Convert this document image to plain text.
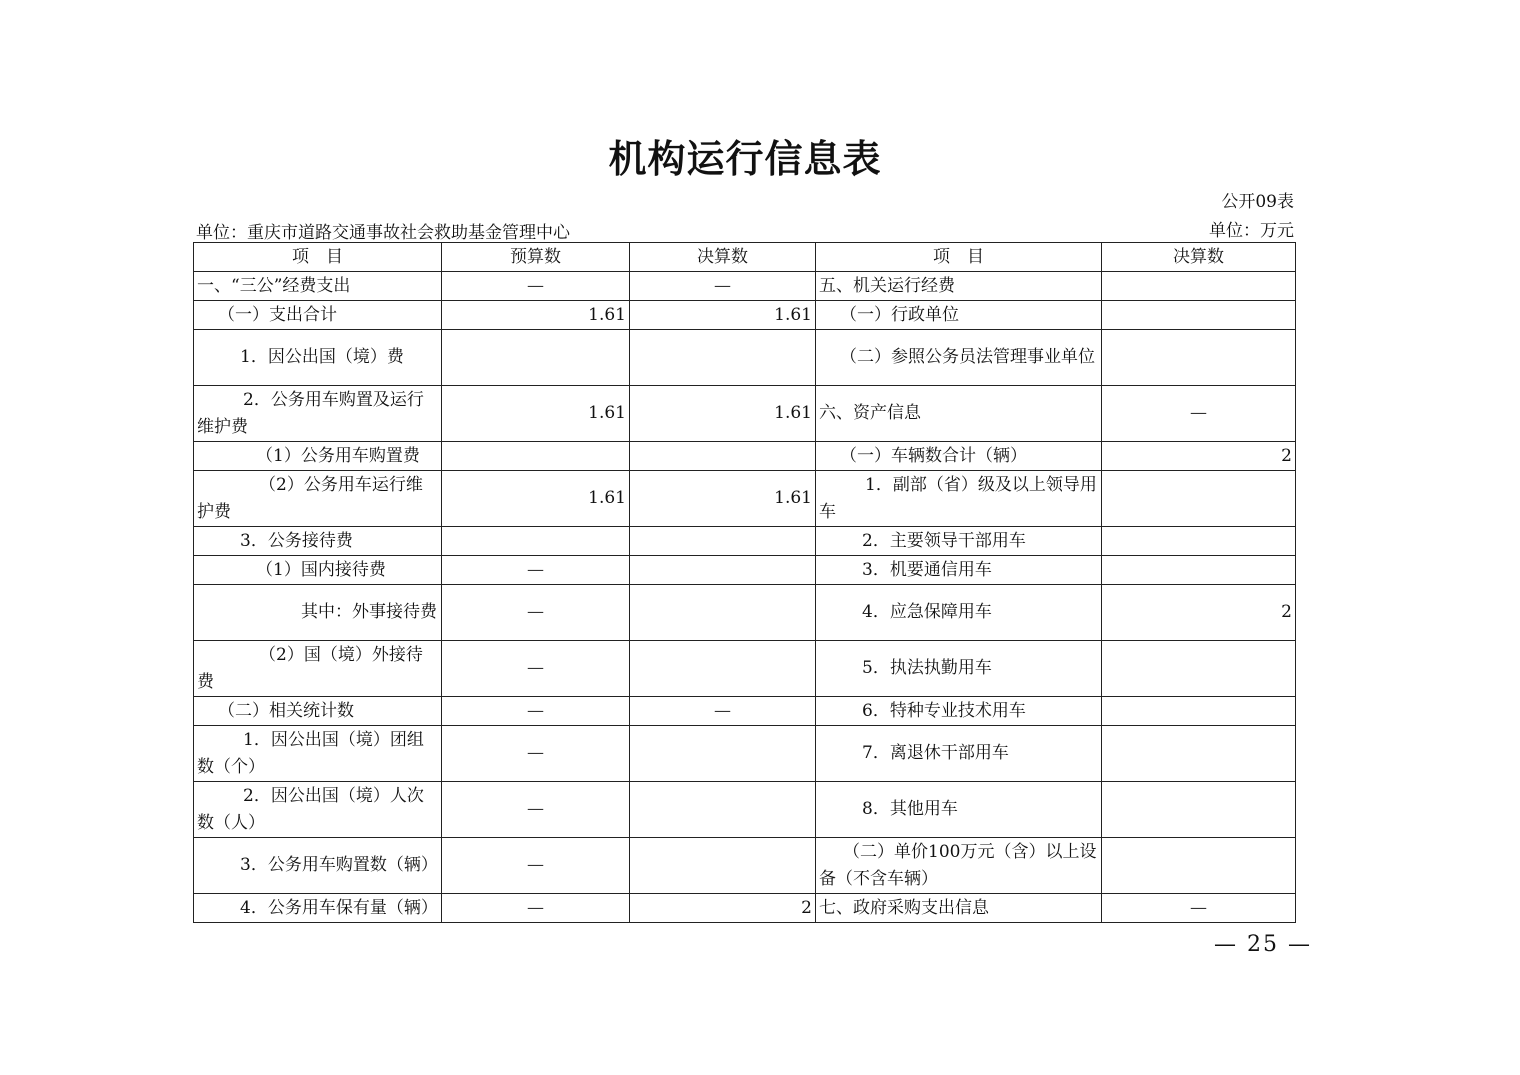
机构运行信息表
公开09表
单位：重庆市道路交通事故社会救助基金管理中心	单位：万元
项　目	预算数	决算数	项　目	决算数
一、“三公”经费支出	—	—	五、机关运行经费	
（一）支出合计	1.61	1.61	（一）行政单位	
1．因公出国（境）费			（二）参照公务员法管理事业单位	
2．公务用车购置及运行维护费	1.61	1.61	六、资产信息	—
（1）公务用车购置费			（一）车辆数合计（辆）	2
（2）公务用车运行维护费	1.61	1.61	1．副部（省）级及以上领导用车	
3．公务接待费			2．主要领导干部用车	
（1）国内接待费	—		3．机要通信用车	
其中：外事接待费	—		4．应急保障用车	2
（2）国（境）外接待费	—		5．执法执勤用车	
（二）相关统计数	—	—	6．特种专业技术用车	
1．因公出国（境）团组数（个）	—		7．离退休干部用车	
2．因公出国（境）人次数（人）	—		8．其他用车	
3．公务用车购置数（辆）	—		（二）单价100万元（含）以上设备（不含车辆）	
4．公务用车保有量（辆）	—	2	七、政府采购支出信息	—
— 25 —
